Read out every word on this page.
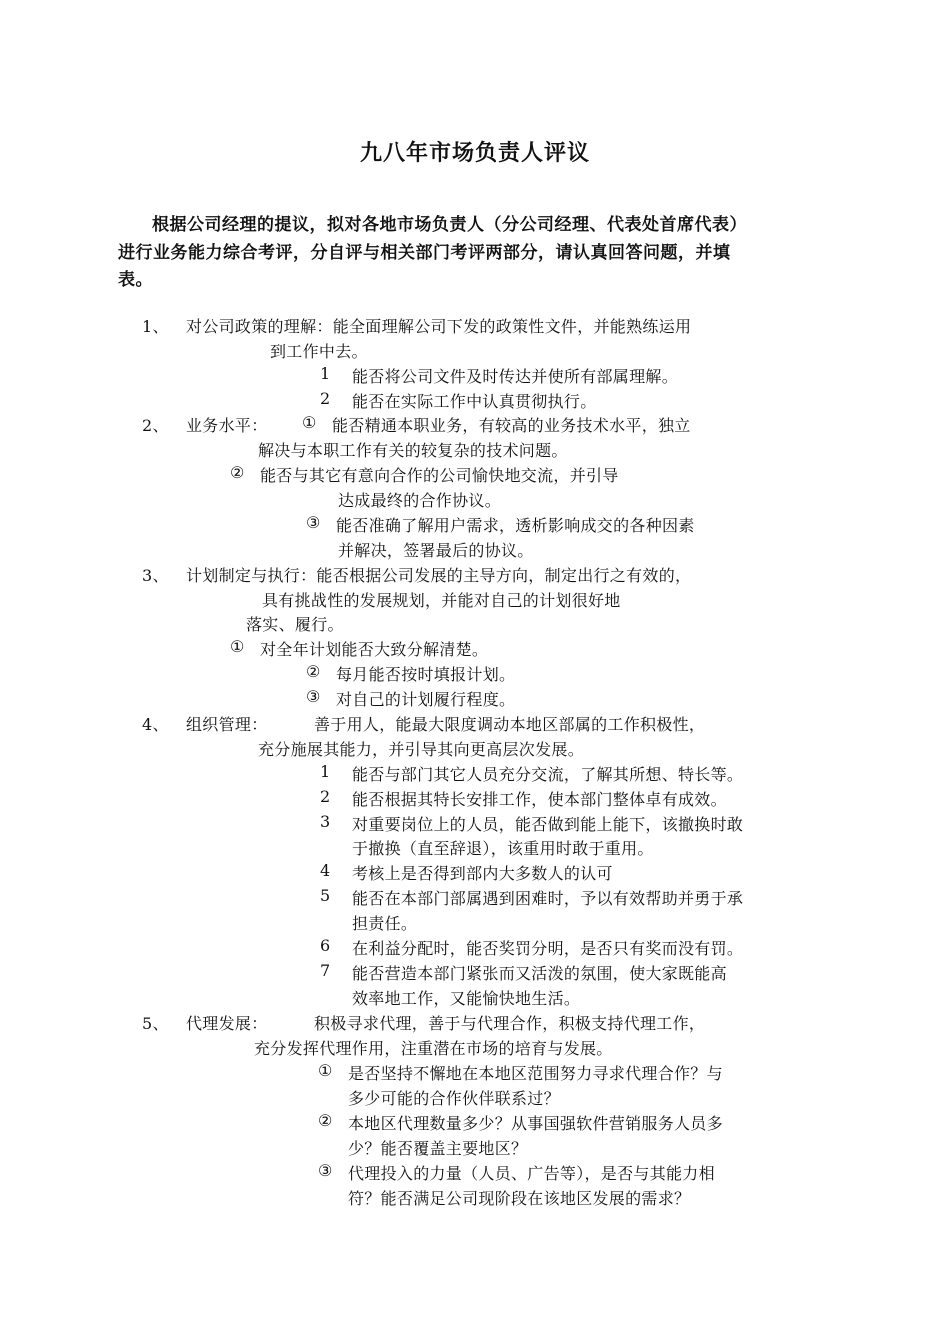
九八年市场负责人评议
根据公司经理的提议，拟对各地市场负责人（分公司经理、代表处首席代表）
进行业务能力综合考评，分自评与相关部门考评两部分，请认真回答问题，并填
表。
1、 对公司政策的理解：能全面理解公司下发的政策性文件，并能熟练运用
到工作中去。
1 能否将公司文件及时传达并使所有部属理解。
2 能否在实际工作中认真贯彻执行。
2、 业务水平： ① 能否精通本职业务，有较高的业务技术水平，独立
解决与本职工作有关的较复杂的技术问题。
② 能否与其它有意向合作的公司愉快地交流，并引导
达成最终的合作协议。
③ 能否准确了解用户需求，透析影响成交的各种因素
并解决，签署最后的协议。
3、 计划制定与执行：能否根据公司发展的主导方向，制定出行之有效的，
具有挑战性的发展规划，并能对自己的计划很好地
落实、履行。
① 对全年计划能否大致分解清楚。
② 每月能否按时填报计划。
③ 对自己的计划履行程度。
4、 组织管理：	善于用人，能最大限度调动本地区部属的工作积极性，
充分施展其能力，并引导其向更高层次发展。
1 能否与部门其它人员充分交流，了解其所想、特长等。
2 能否根据其特长安排工作，使本部门整体卓有成效。
3 对重要岗位上的人员，能否做到能上能下，该撤换时敢
于撤换（直至辞退），该重用时敢于重用。
4 考核上是否得到部内大多数人的认可
5 能否在本部门部属遇到困难时，予以有效帮助并勇于承
担责任。
6 在利益分配时，能否奖罚分明，是否只有奖而没有罚。
7 能否营造本部门紧张而又活泼的氛围，使大家既能高
效率地工作，又能愉快地生活。
5、 代理发展：	积极寻求代理，善于与代理合作，积极支持代理工作，
充分发挥代理作用，注重潜在市场的培育与发展。
① 是否坚持不懈地在本地区范围努力寻求代理合作？与
多少可能的合作伙伴联系过？
② 本地区代理数量多少？从事国强软件营销服务人员多
少？能否覆盖主要地区？
③ 代理投入的力量（人员、广告等），是否与其能力相
符？能否满足公司现阶段在该地区发展的需求？
